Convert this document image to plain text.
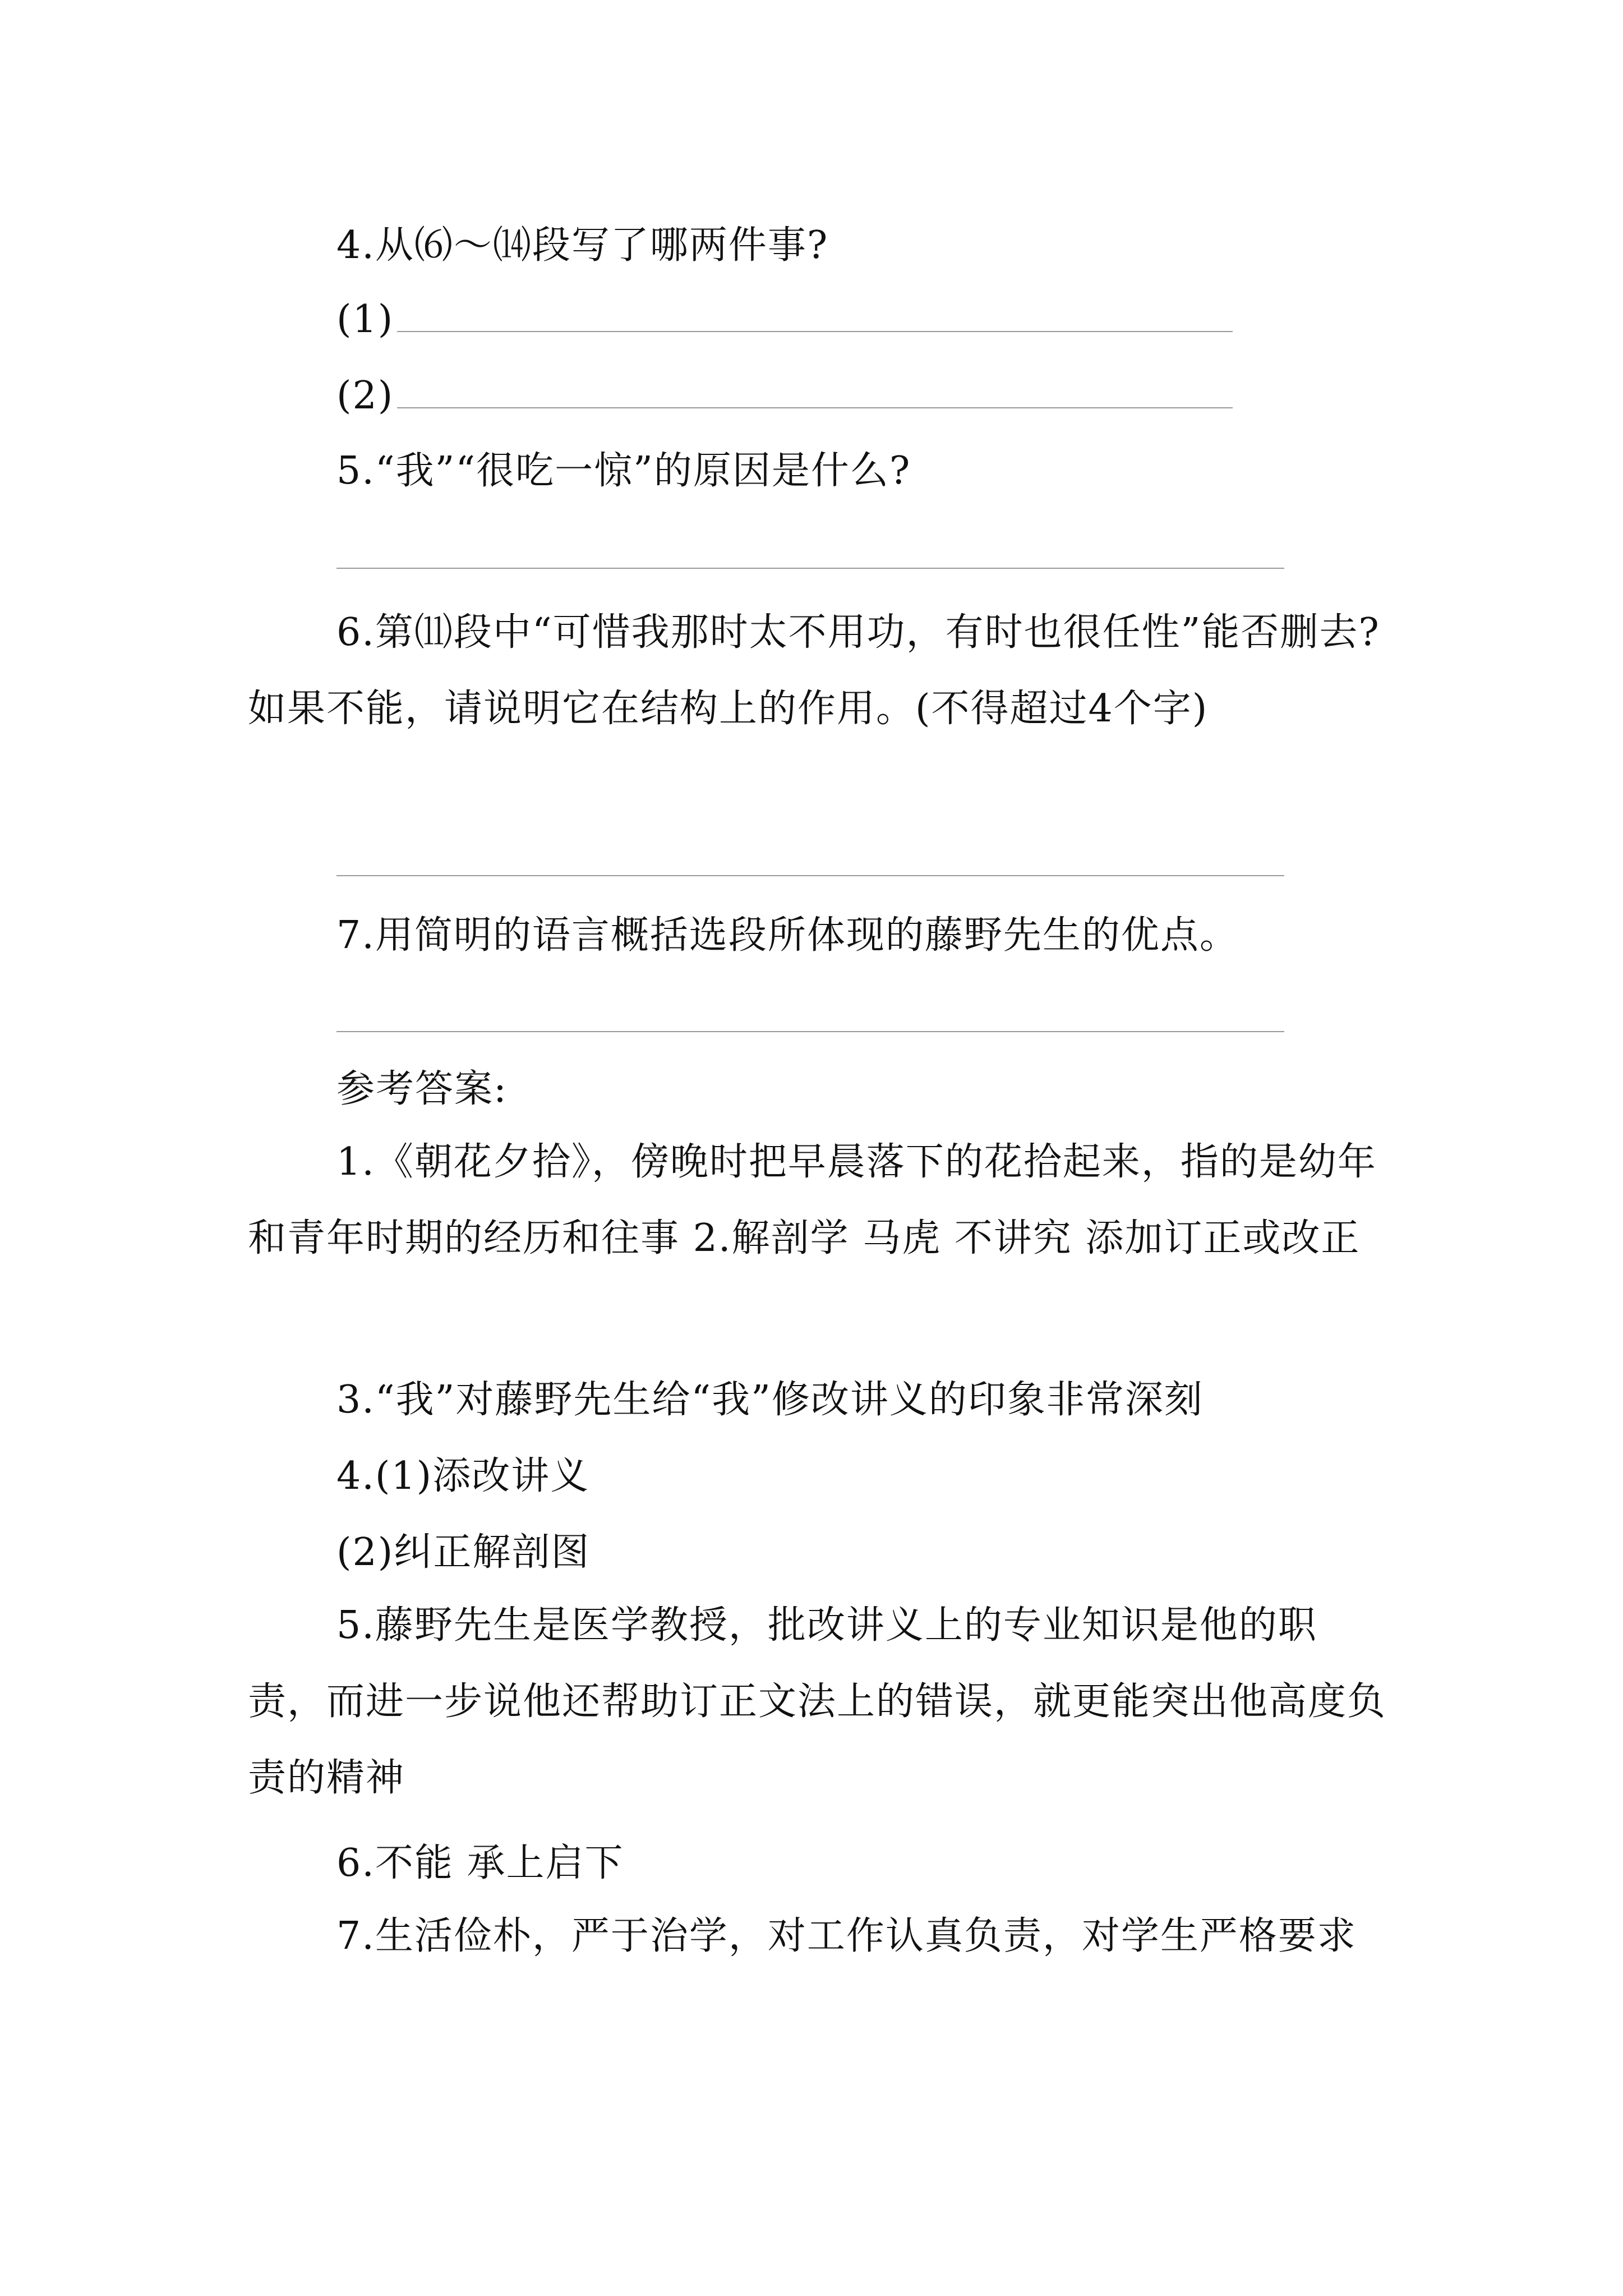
4.从⑹～⒁段写了哪两件事?
(1)
(2)
5.“我”“很吃一惊”的原因是什么?
6.第⑾段中“可惜我那时太不用功，有时也很任性”能否删去?如果不能，请说明它在结构上的作用。(不得超过4个字)
7.用简明的语言概括选段所体现的藤野先生的优点。
参考答案:
1.《朝花夕拾》，傍晚时把早晨落下的花拾起来，指的是幼年和青年时期的经历和往事 2.解剖学 马虎 不讲究 添加订正或改正
3.“我”对藤野先生给“我”修改讲义的印象非常深刻
4.(1)添改讲义
(2)纠正解剖图
5.藤野先生是医学教授，批改讲义上的专业知识是他的职责，而进一步说他还帮助订正文法上的错误，就更能突出他高度负责的精神
6.不能 承上启下
7.生活俭朴，严于治学，对工作认真负责，对学生严格要求
